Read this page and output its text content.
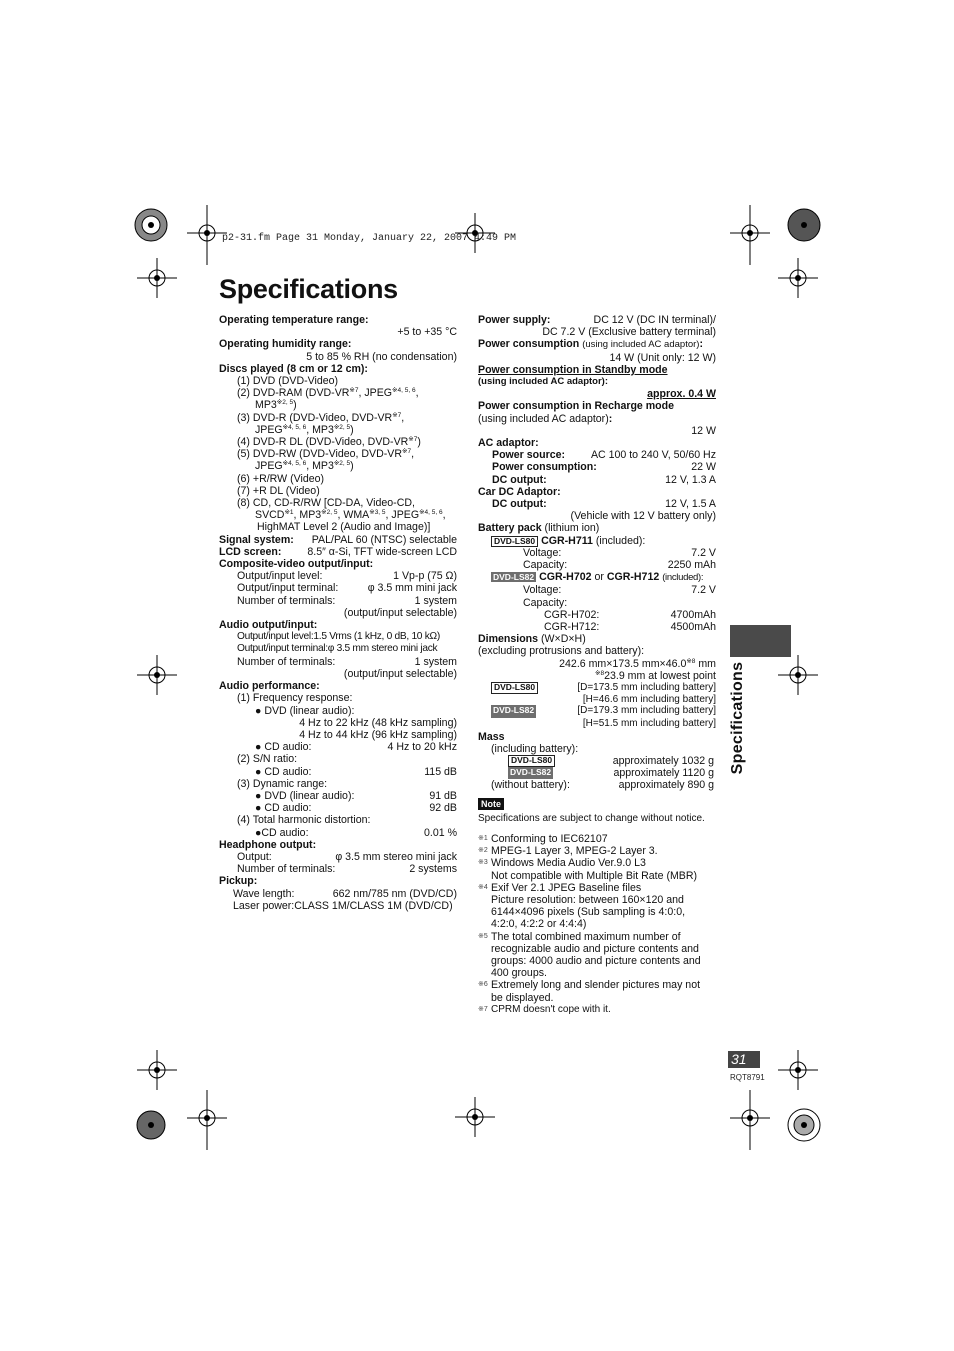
p2-31.fm Page 31 Monday, January 22, 2007 4:49 PM
Specifications
Operating temperature range:
+5 to +35 °C
Operating humidity range:
5 to 85 % RH (no condensation)
Discs played (8 cm or 12 cm):
(1) DVD (DVD-Video)
(2) DVD-RAM (DVD-VR$^{※7}$, JPEG$^{※4, 5, 6}$,
MP3$^{※2, 5}$)
(3) DVD-R (DVD-Video, DVD-VR$^{※7}$,
JPEG$^{※4, 5, 6}$, MP3$^{※2, 5}$)
(4) DVD-R DL (DVD-Video, DVD-VR$^{※7}$)
(5) DVD-RW (DVD-Video, DVD-VR$^{※7}$,
JPEG$^{※4, 5, 6}$, MP3$^{※2, 5}$)
(6) +R/RW (Video)
(7) +R DL (Video)
(8) CD, CD-R/RW [CD-DA, Video-CD,
SVCD$^{※1}$, MP3$^{※2, 5}$, WMA$^{※3, 5}$, JPEG$^{※4, 5, 6}$,
HighMAT Level 2 (Audio and Image)]
Signal system: PAL/PAL 60 (NTSC) selectable
LCD screen: 8.5″ α-Si, TFT wide-screen LCD
Composite-video output/input:
Output/input level:	1 Vp-p (75 Ω)
Output/input terminal:	φ 3.5 mm mini jack
Number of terminals:	1 system
(output/input selectable)
Audio output/input:
Output/input level:1.5 Vrms (1 kHz, 0 dB, 10 kΩ)
Output/input terminal:φ 3.5 mm stereo mini jack
Number of terminals:	1 system
(output/input selectable)
Audio performance:
(1) Frequency response:
● DVD (linear audio):
4 Hz to 22 kHz (48 kHz sampling)
4 Hz to 44 kHz (96 kHz sampling)
● CD audio:	4 Hz to 20 kHz
(2) S/N ratio:
● CD audio:	115 dB
(3) Dynamic range:
● DVD (linear audio):	91 dB
● CD audio:	92 dB
(4) Total harmonic distortion:
●CD audio:	0.01 %
Headphone output:
Output:	φ 3.5 mm stereo mini jack
Number of terminals:	2 systems
Pickup:
Wave length:	662 nm/785 nm (DVD/CD)
Laser power:CLASS 1M/CLASS 1M (DVD/CD)
Power supply:	DC 12 V (DC IN terminal)/
DC 7.2 V (Exclusive battery terminal)
Power consumption (using included AC adaptor):
14 W (Unit only: 12 W)
Power consumption in Standby mode
(using included AC adaptor):
approx. 0.4 W
Power consumption in Recharge mode
(using included AC adaptor):
12 W
AC adaptor:
Power source: AC 100 to 240 V, 50/60 Hz
Power consumption:	22 W
DC output:	12 V, 1.3 A
Car DC Adaptor:
DC output:	12 V, 1.5 A
(Vehicle with 12 V battery only)
Battery pack (lithium ion)
DVD-LS80 CGR-H711 (included):
Voltage:	7.2 V
Capacity:	2250 mAh
DVD-LS82 CGR-H702 or CGR-H712 (included):
Voltage:	7.2 V
Capacity:
CGR-H702:	4700mAh
CGR-H712:	4500mAh
Dimensions (W×D×H)
(excluding protrusions and battery):
242.6 mm×173.5 $mm\times 46.0^{※8}$ mm
$^{※8}$23.9 mm at lowest point
DVD-LS80	[D=173.5 mm including battery]
[H=46.6 mm including battery]
DVD-LS82	[D=179.3 mm including battery]
[H=51.5 mm including battery]
Mass
(including battery):
DVD-LS80	approximately 1032 g
DVD-LS82	approximately 1120 g
(without battery):	approximately 890 g
Note
Specifications are subject to change without notice.
※1 Conforming to IEC62107
※2 MPEG-1 Layer 3, MPEG-2 Layer 3.
※3 Windows Media Audio Ver.9.0 L3
Not compatible with Multiple Bit Rate (MBR)
※4 Exif Ver 2.1 JPEG Baseline files
Picture resolution: between 160×120 and
6144×4096 pixels (Sub sampling is 4:0:0,
4:2:0, 4:2:2 or 4:4:4)
※5 The total combined maximum number of
recognizable audio and picture contents and
groups: 4000 audio and picture contents and
400 groups.
※6 Extremely long and slender pictures may not
be displayed.
※7 CPRM doesn't cope with it.
Specifications
31
RQT8791
